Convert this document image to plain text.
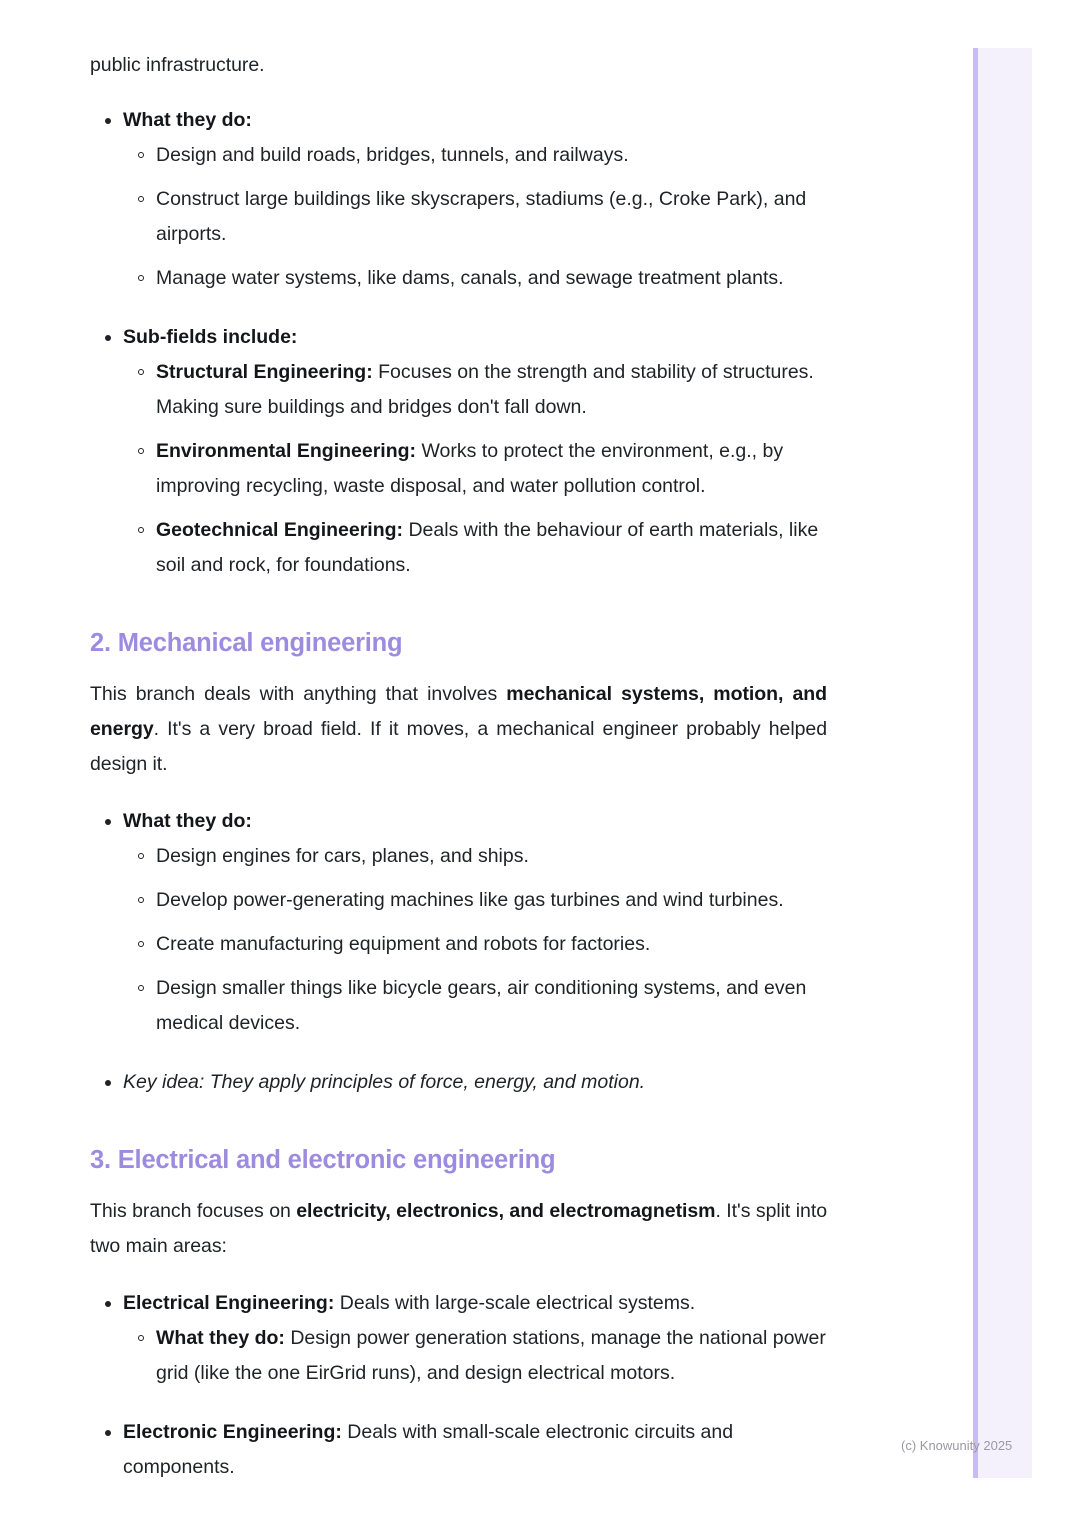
public infrastructure.

What they do:
Design and build roads, bridges, tunnels, and railways.
Construct large buildings like skyscrapers, stadiums (e.g., Croke Park), and airports.
Manage water systems, like dams, canals, and sewage treatment plants.
Sub-fields include:
Structural Engineering: Focuses on the strength and stability of structures. Making sure buildings and bridges don't fall down.
Environmental Engineering: Works to protect the environment, e.g., by improving recycling, waste disposal, and water pollution control.
Geotechnical Engineering: Deals with the behaviour of earth materials, like soil and rock, for foundations.
2. Mechanical engineering

This branch deals with anything that involves mechanical systems, motion, and energy. It's a very broad field. If it moves, a mechanical engineer probably helped design it.

What they do:
Design engines for cars, planes, and ships.
Develop power-generating machines like gas turbines and wind turbines.
Create manufacturing equipment and robots for factories.
Design smaller things like bicycle gears, air conditioning systems, and even medical devices.
Key idea: They apply principles of force, energy, and motion.
3. Electrical and electronic engineering

This branch focuses on electricity, electronics, and electromagnetism. It's split into two main areas:

Electrical Engineering: Deals with large-scale electrical systems.
What they do: Design power generation stations, manage the national power grid (like the one EirGrid runs), and design electrical motors.
Electronic Engineering: Deals with small-scale electronic circuits and components.
(c) Knowunity 2025
